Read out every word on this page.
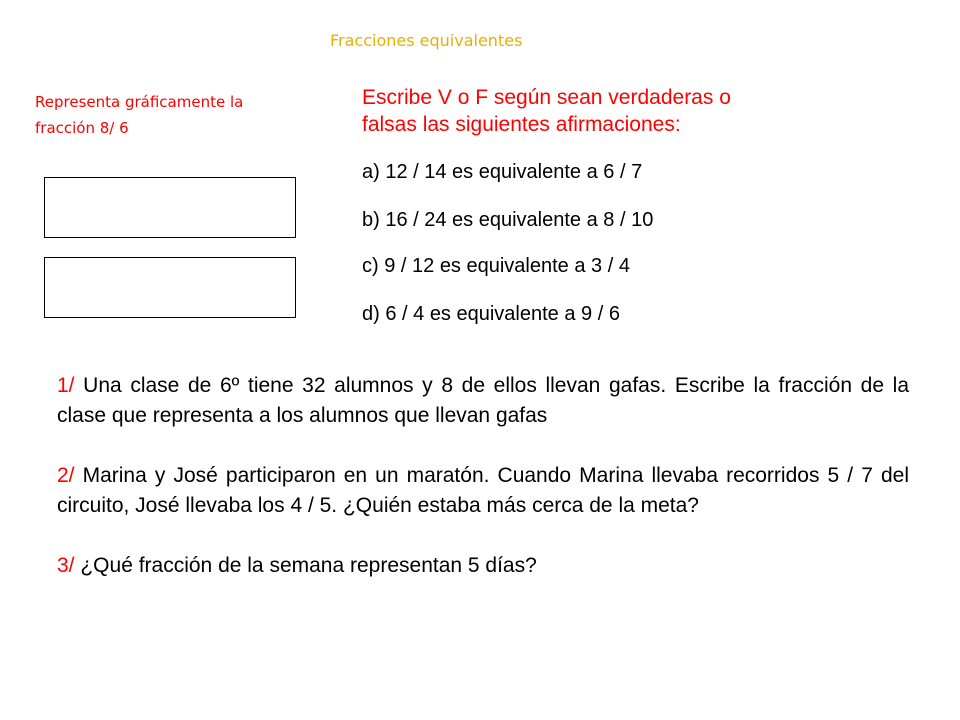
Fracciones equivalentes
Representa gráficamente la
fracción 8/ 6
Escribe V o F según sean verdaderas o
falsas las siguientes afirmaciones:
a) 12 / 14 es equivalente a 6 / 7
b) 16 / 24 es equivalente a 8 / 10
c) 9 / 12 es equivalente a 3 / 4
d) 6 / 4 es equivalente a 9 / 6

1/ Una clase de 6º tiene 32 alumnos y 8 de ellos llevan gafas. Escribe la fracción de la clase que representa a los alumnos que llevan gafas

2/ Marina y José participaron en un maratón. Cuando Marina llevaba recorridos 5 / 7 del circuito, José llevaba los 4 / 5. ¿Quién estaba más cerca de la meta?

3/ ¿Qué fracción de la semana representan 5 días?
